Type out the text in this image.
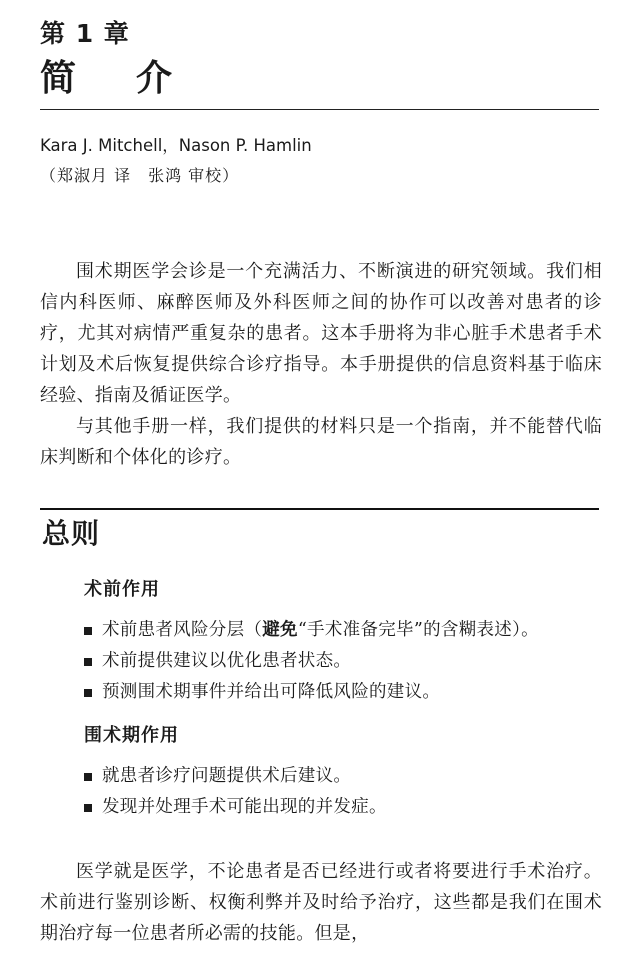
第 1 章
简介
Kara J. Mitchell，Nason P. Hamlin
（郑淑月 译　张鸿 审校）

围术期医学会诊是一个充满活力、不断演进的研究领域。我们相信内科医师、麻醉医师及外科医师之间的协作可以改善对患者的诊疗，尤其对病情严重复杂的患者。这本手册将为非心脏手术患者手术计划及术后恢复提供综合诊疗指导。本手册提供的信息资料基于临床经验、指南及循证医学。

与其他手册一样，我们提供的材料只是一个指南，并不能替代临床判断和个体化的诊疗。

总则
术前作用
术前患者风险分层（避免“手术准备完毕”的含糊表述）。
术前提供建议以优化患者状态。
预测围术期事件并给出可降低风险的建议。
围术期作用
就患者诊疗问题提供术后建议。
发现并处理手术可能出现的并发症。

医学就是医学，不论患者是否已经进行或者将要进行手术治疗。术前进行鉴别诊断、权衡利弊并及时给予治疗，这些都是我们在围术期治疗每一位患者所必需的技能。但是，
